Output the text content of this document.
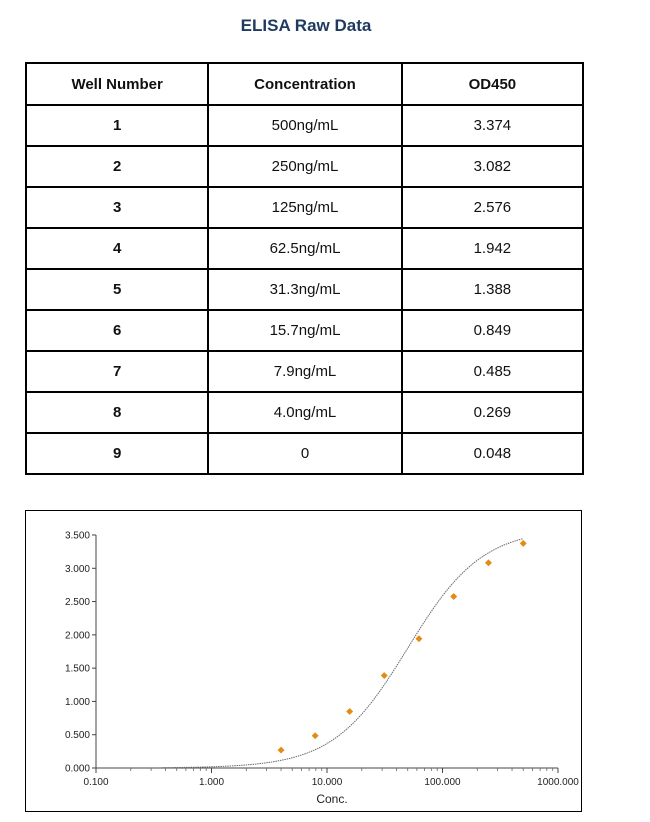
ELISA Raw Data
Well Number	Concentration	OD450
1	500ng/mL	3.374
2	250ng/mL	3.082
3	125ng/mL	2.576
4	62.5ng/mL	1.942
5	31.3ng/mL	1.388
6	15.7ng/mL	0.849
7	7.9ng/mL	0.485
8	4.0ng/mL	0.269
9	0	0.048
0.000
0.500
1.000
1.500
2.000
2.500
3.000
3.500
0.100	1.000	10.000	100.000	1000.000
Conc.
